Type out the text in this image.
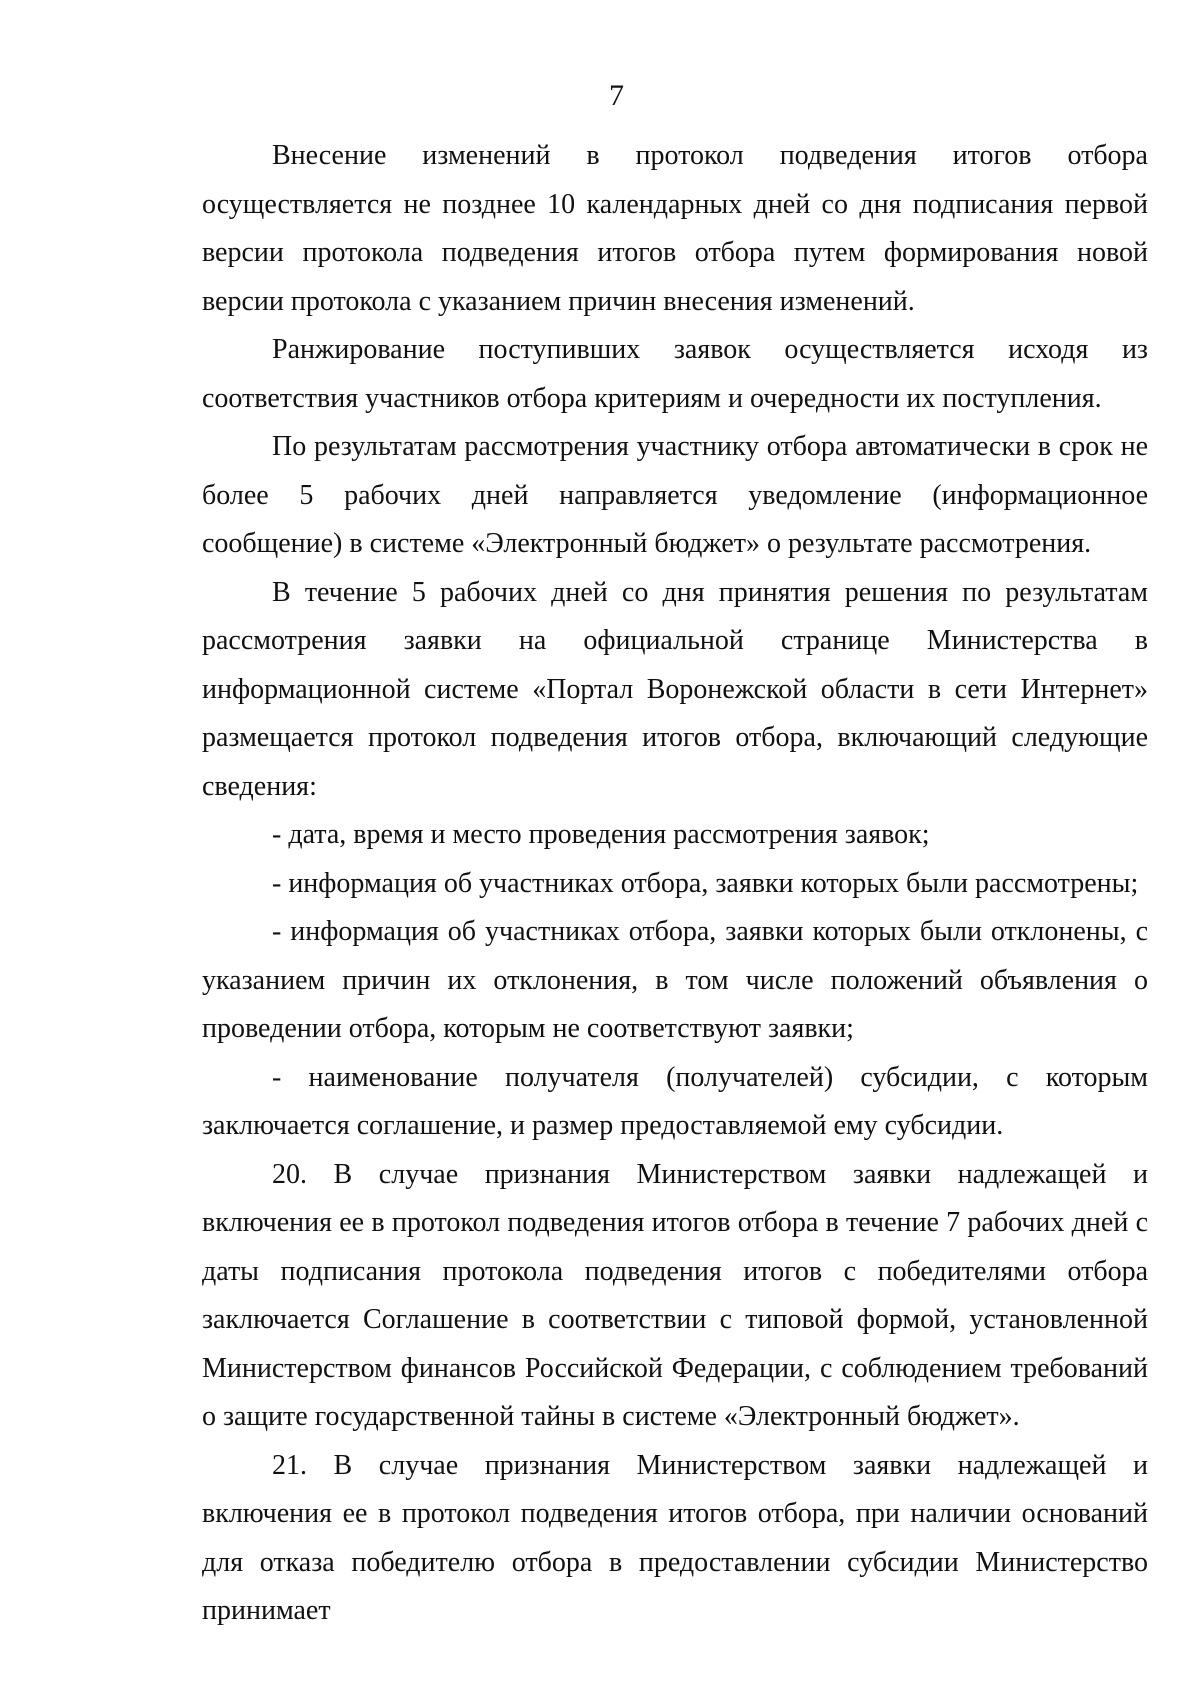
7

Внесение изменений в протокол подведения итогов отбора осуществляется не позднее 10 календарных дней со дня подписания первой версии протокола подведения итогов отбора путем формирования новой версии протокола с указанием причин внесения изменений.

Ранжирование поступивших заявок осуществляется исходя из соответствия участников отбора критериям и очередности их поступления.

По результатам рассмотрения участнику отбора автоматически в срок не более 5 рабочих дней направляется уведомление (информационное сообщение) в системе «Электронный бюджет» о результате рассмотрения.

В течение 5 рабочих дней со дня принятия решения по результатам рассмотрения заявки на официальной странице Министерства в информационной системе «Портал Воронежской области в сети Интернет» размещается протокол подведения итогов отбора, включающий следующие сведения:

- дата, время и место проведения рассмотрения заявок;

- информация об участниках отбора, заявки которых были рассмотрены;

- информация об участниках отбора, заявки которых были отклонены, с указанием причин их отклонения, в том числе положений объявления о проведении отбора, которым не соответствуют заявки;

- наименование получателя (получателей) субсидии, с которым заключается соглашение, и размер предоставляемой ему субсидии.

20. В случае признания Министерством заявки надлежащей и включения ее в протокол подведения итогов отбора в течение 7 рабочих дней с даты подписания протокола подведения итогов с победителями отбора заключается Соглашение в соответствии с типовой формой, установленной Министерством финансов Российской Федерации, с соблюдением требований о защите государственной тайны в системе «Электронный бюджет».

21. В случае признания Министерством заявки надлежащей и включения ее в протокол подведения итогов отбора, при наличии оснований для отказа победителю отбора в предоставлении субсидии Министерство принимает
